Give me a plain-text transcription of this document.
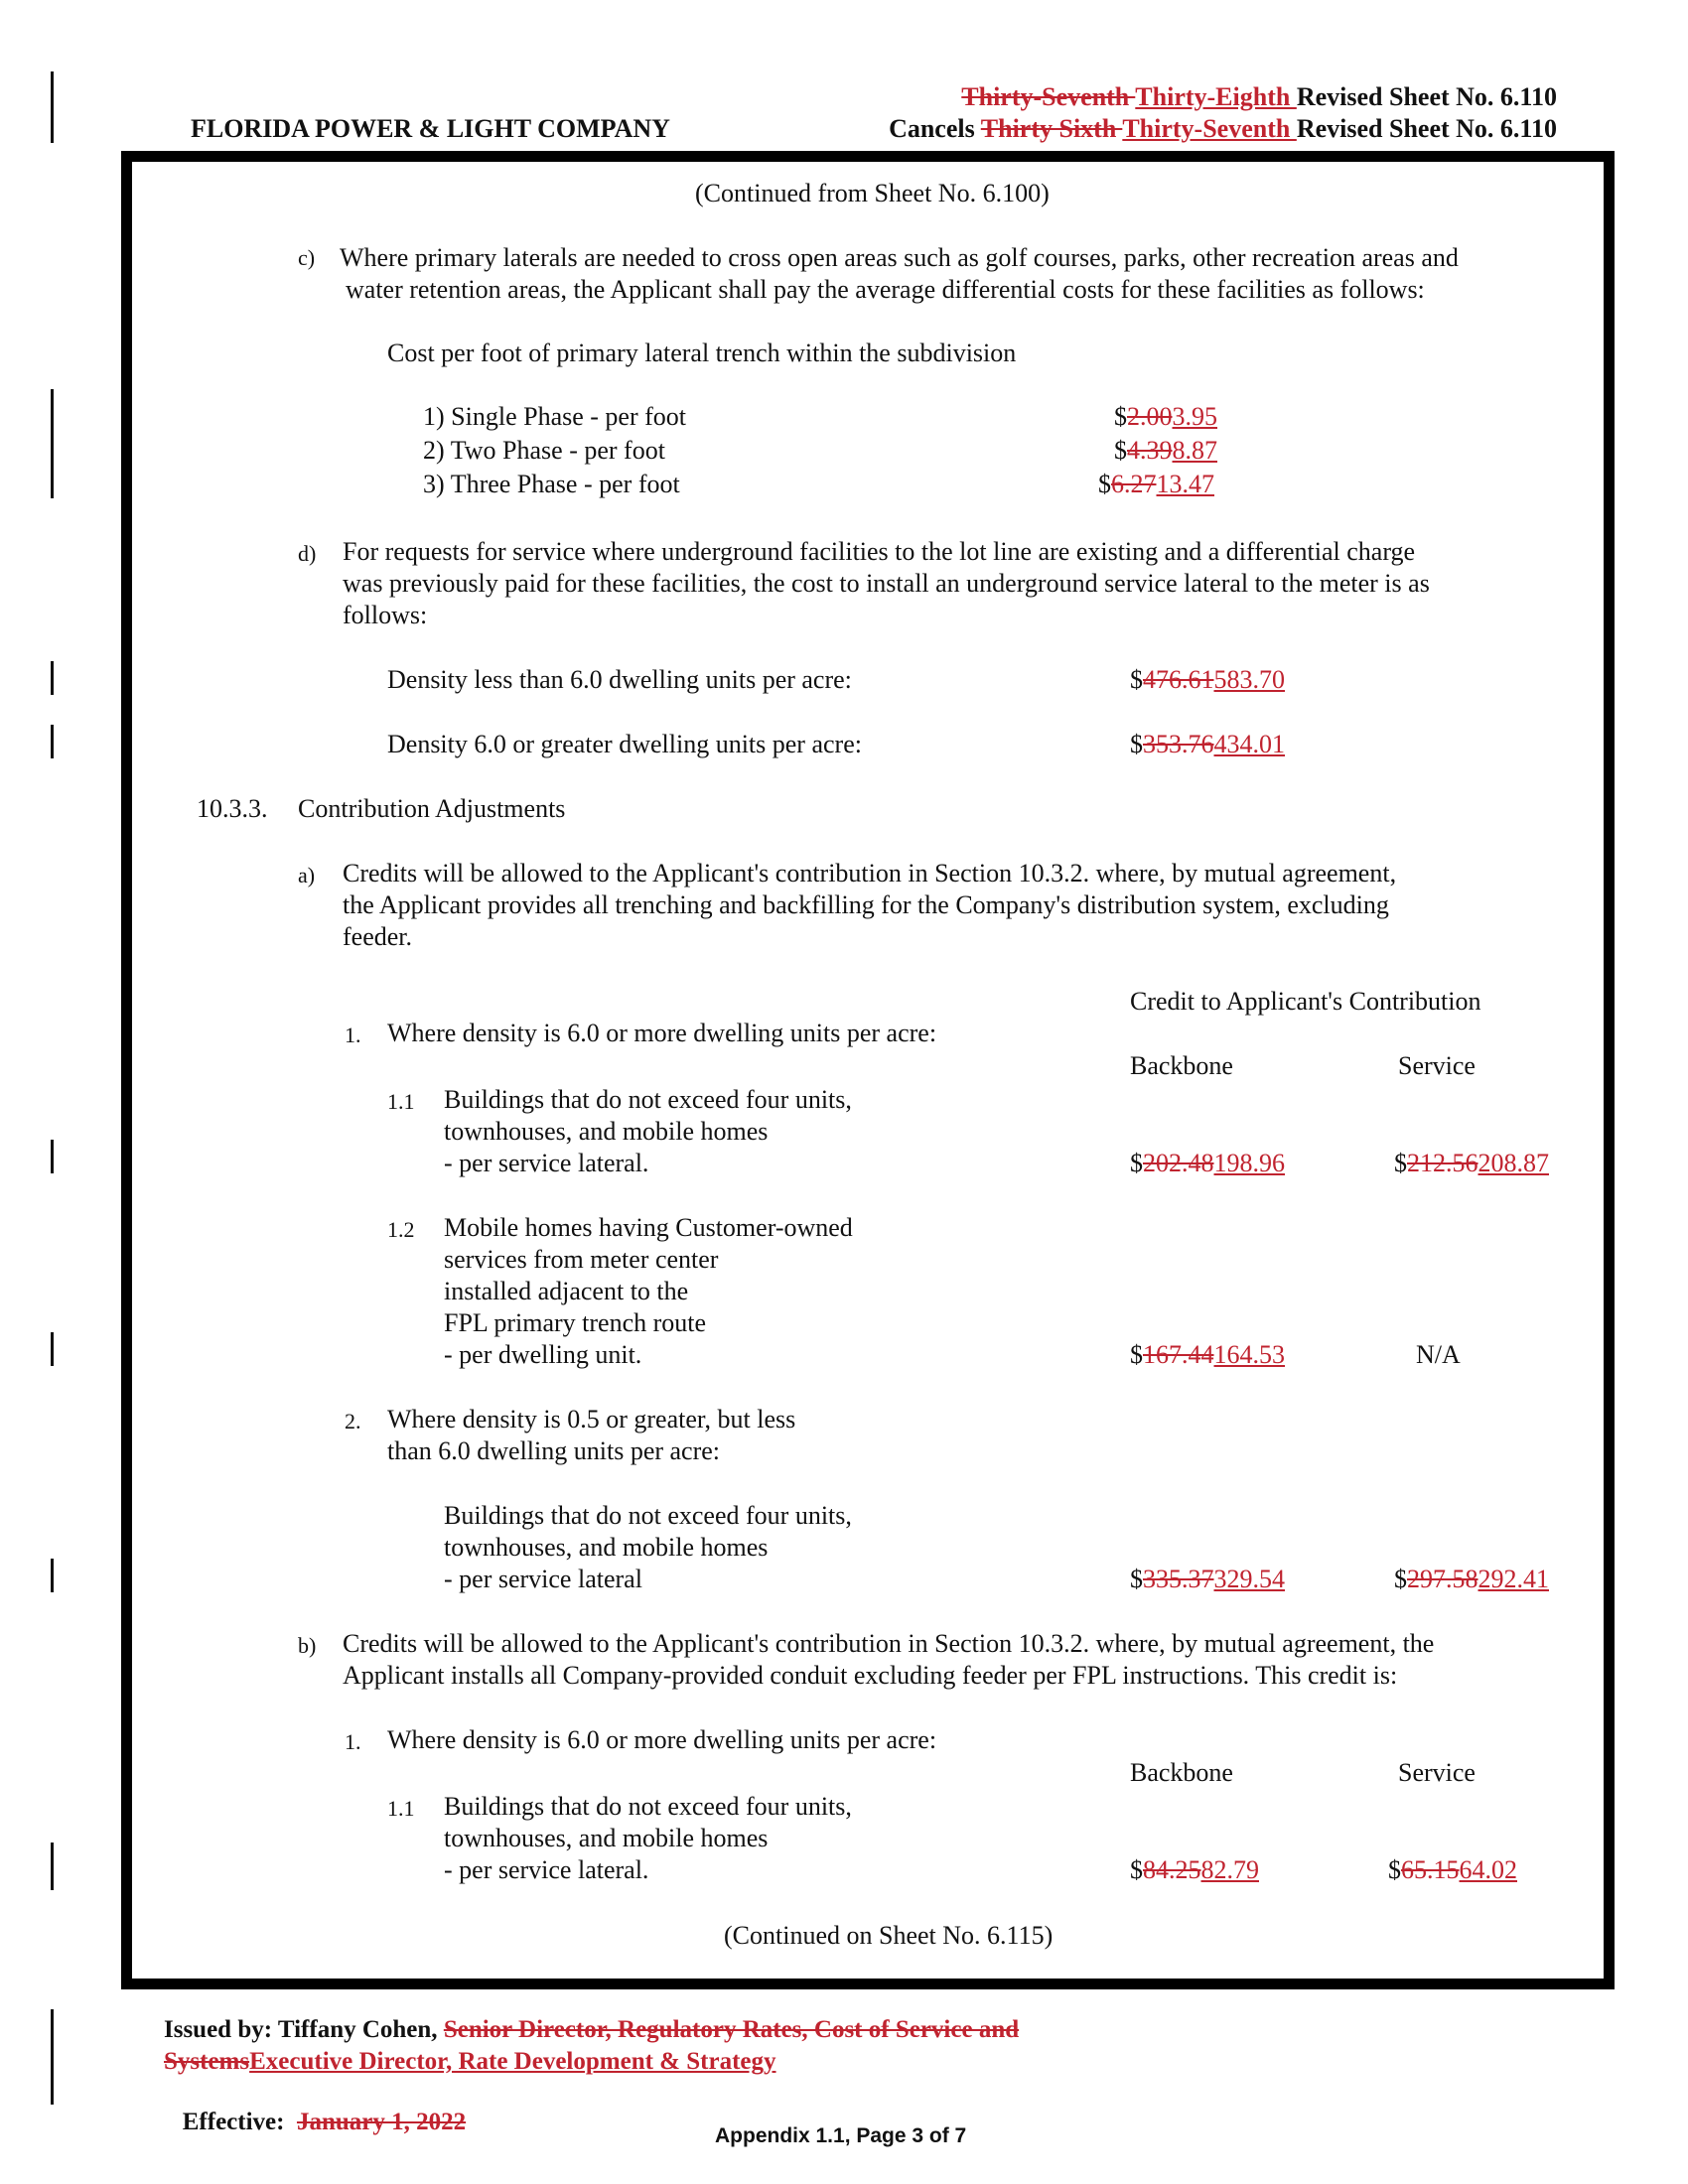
FLORIDA POWER & LIGHT COMPANY
Thirty-Seventh Thirty-Eighth Revised Sheet No. 6.110
Cancels Thirty Sixth Thirty-Seventh Revised Sheet No. 6.110
(Continued from Sheet No. 6.100)
c) Where primary laterals are needed to cross open areas such as golf courses, parks, other recreation areas and
water retention areas, the Applicant shall pay the average differential costs for these facilities as follows:
Cost per foot of primary lateral trench within the subdivision
1) Single Phase - per foot	$2.003.95
2) Two Phase - per foot	$4.398.87
3) Three Phase - per foot	$6.2713.47
d) For requests for service where underground facilities to the lot line are existing and a differential charge
was previously paid for these facilities, the cost to install an underground service lateral to the meter is as
follows:
Density less than 6.0 dwelling units per acre:	$476.61583.70
Density 6.0 or greater dwelling units per acre:	$353.76434.01
10.3.3. Contribution Adjustments
a) Credits will be allowed to the Applicant's contribution in Section 10.3.2. where, by mutual agreement,
the Applicant provides all trenching and backfilling for the Company's distribution system, excluding
feeder.
Credit to Applicant's Contribution
1. Where density is 6.0 or more dwelling units per acre:
Backbone	Service
1.1 Buildings that do not exceed four units,
townhouses, and mobile homes
- per service lateral.	$202.48198.96	$212.56208.87
1.2 Mobile homes having Customer-owned
services from meter center
installed adjacent to the
FPL primary trench route
- per dwelling unit.	$167.44164.53	N/A
2. Where density is 0.5 or greater, but less
than 6.0 dwelling units per acre:
Buildings that do not exceed four units,
townhouses, and mobile homes
- per service lateral	$335.37329.54	$297.58292.41
b) Credits will be allowed to the Applicant's contribution in Section 10.3.2. where, by mutual agreement, the
Applicant installs all Company-provided conduit excluding feeder per FPL instructions. This credit is:
1. Where density is 6.0 or more dwelling units per acre:
Backbone	Service
1.1 Buildings that do not exceed four units,
townhouses, and mobile homes
- per service lateral.	$84.2582.79	$65.1564.02
(Continued on Sheet No. 6.115)
Issued by: Tiffany Cohen, Senior Director, Regulatory Rates, Cost of Service and
SystemsExecutive Director, Rate Development & Strategy

Effective:  January 1, 2022

Appendix 1.1, Page 3 of 7
